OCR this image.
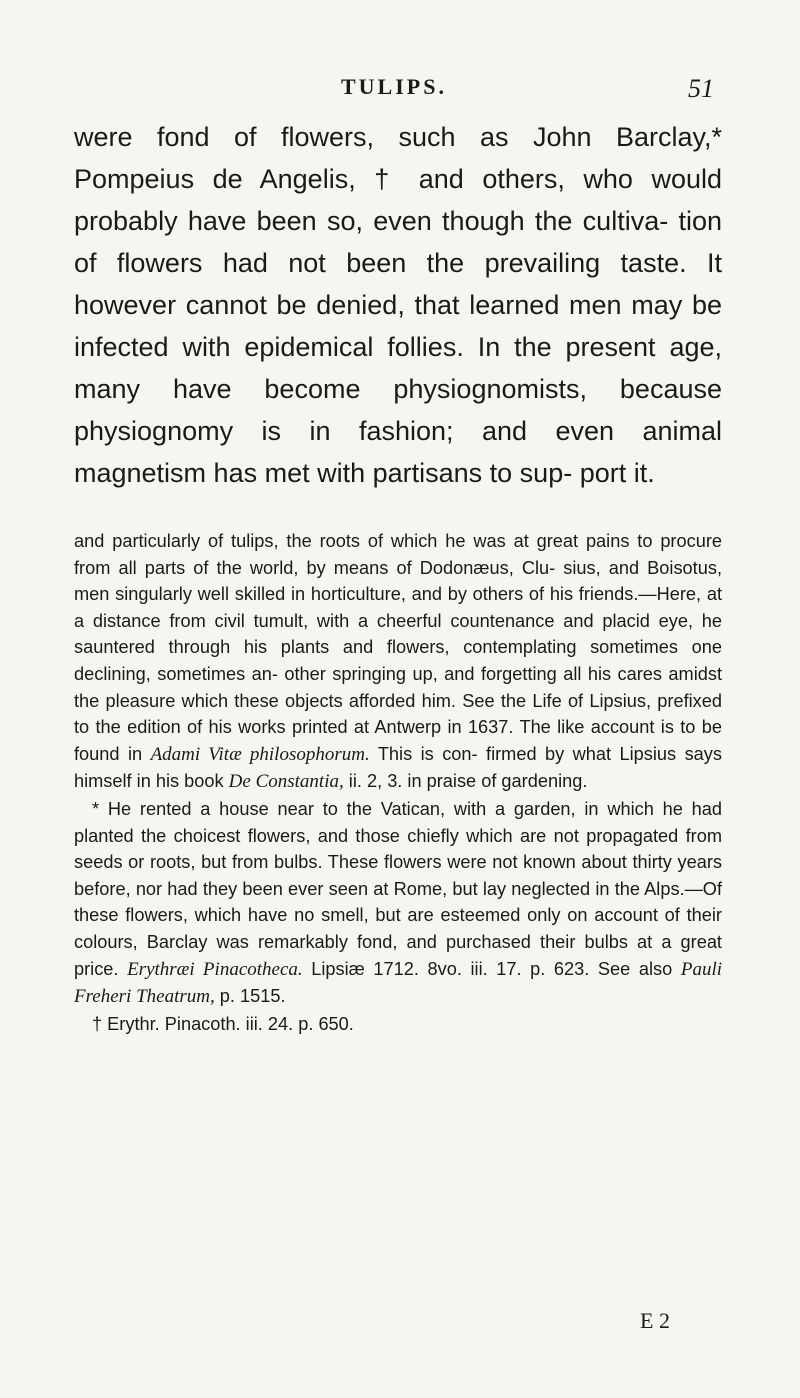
TULIPS.	51

were fond of flowers, such as John Barclay,* Pompeius de Angelis, † and others, who would probably have been so, even though the cultiva- tion of flowers had not been the prevailing taste. It however cannot be denied, that learned men may be infected with epidemical follies. In the present age, many have become physiognomists, because physiognomy is in fashion; and even animal magnetism has met with partisans to sup- port it.

and particularly of tulips, the roots of which he was at great pains to procure from all parts of the world, by means of Dodonæus, Clu- sius, and Boisotus, men singularly well skilled in horticulture, and by others of his friends.—Here, at a distance from civil tumult, with a cheerful countenance and placid eye, he sauntered through his plants and flowers, contemplating sometimes one declining, sometimes an- other springing up, and forgetting all his cares amidst the pleasure which these objects afforded him. See the Life of Lipsius, prefixed to the edition of his works printed at Antwerp in 1637. The like account is to be found in Adami Vitæ philosophorum. This is con- firmed by what Lipsius says himself in his book De Constantia, ii. 2, 3. in praise of gardening.

* He rented a house near to the Vatican, with a garden, in which he had planted the choicest flowers, and those chiefly which are not propagated from seeds or roots, but from bulbs. These flowers were not known about thirty years before, nor had they been ever seen at Rome, but lay neglected in the Alps.—Of these flowers, which have no smell, but are esteemed only on account of their colours, Barclay was remarkably fond, and purchased their bulbs at a great price. Erythræi Pinacotheca. Lipsiæ 1712. 8vo. iii. 17. p. 623. See also Pauli Freheri Theatrum, p. 1515.

† Erythr. Pinacoth. iii. 24. p. 650.

E 2
